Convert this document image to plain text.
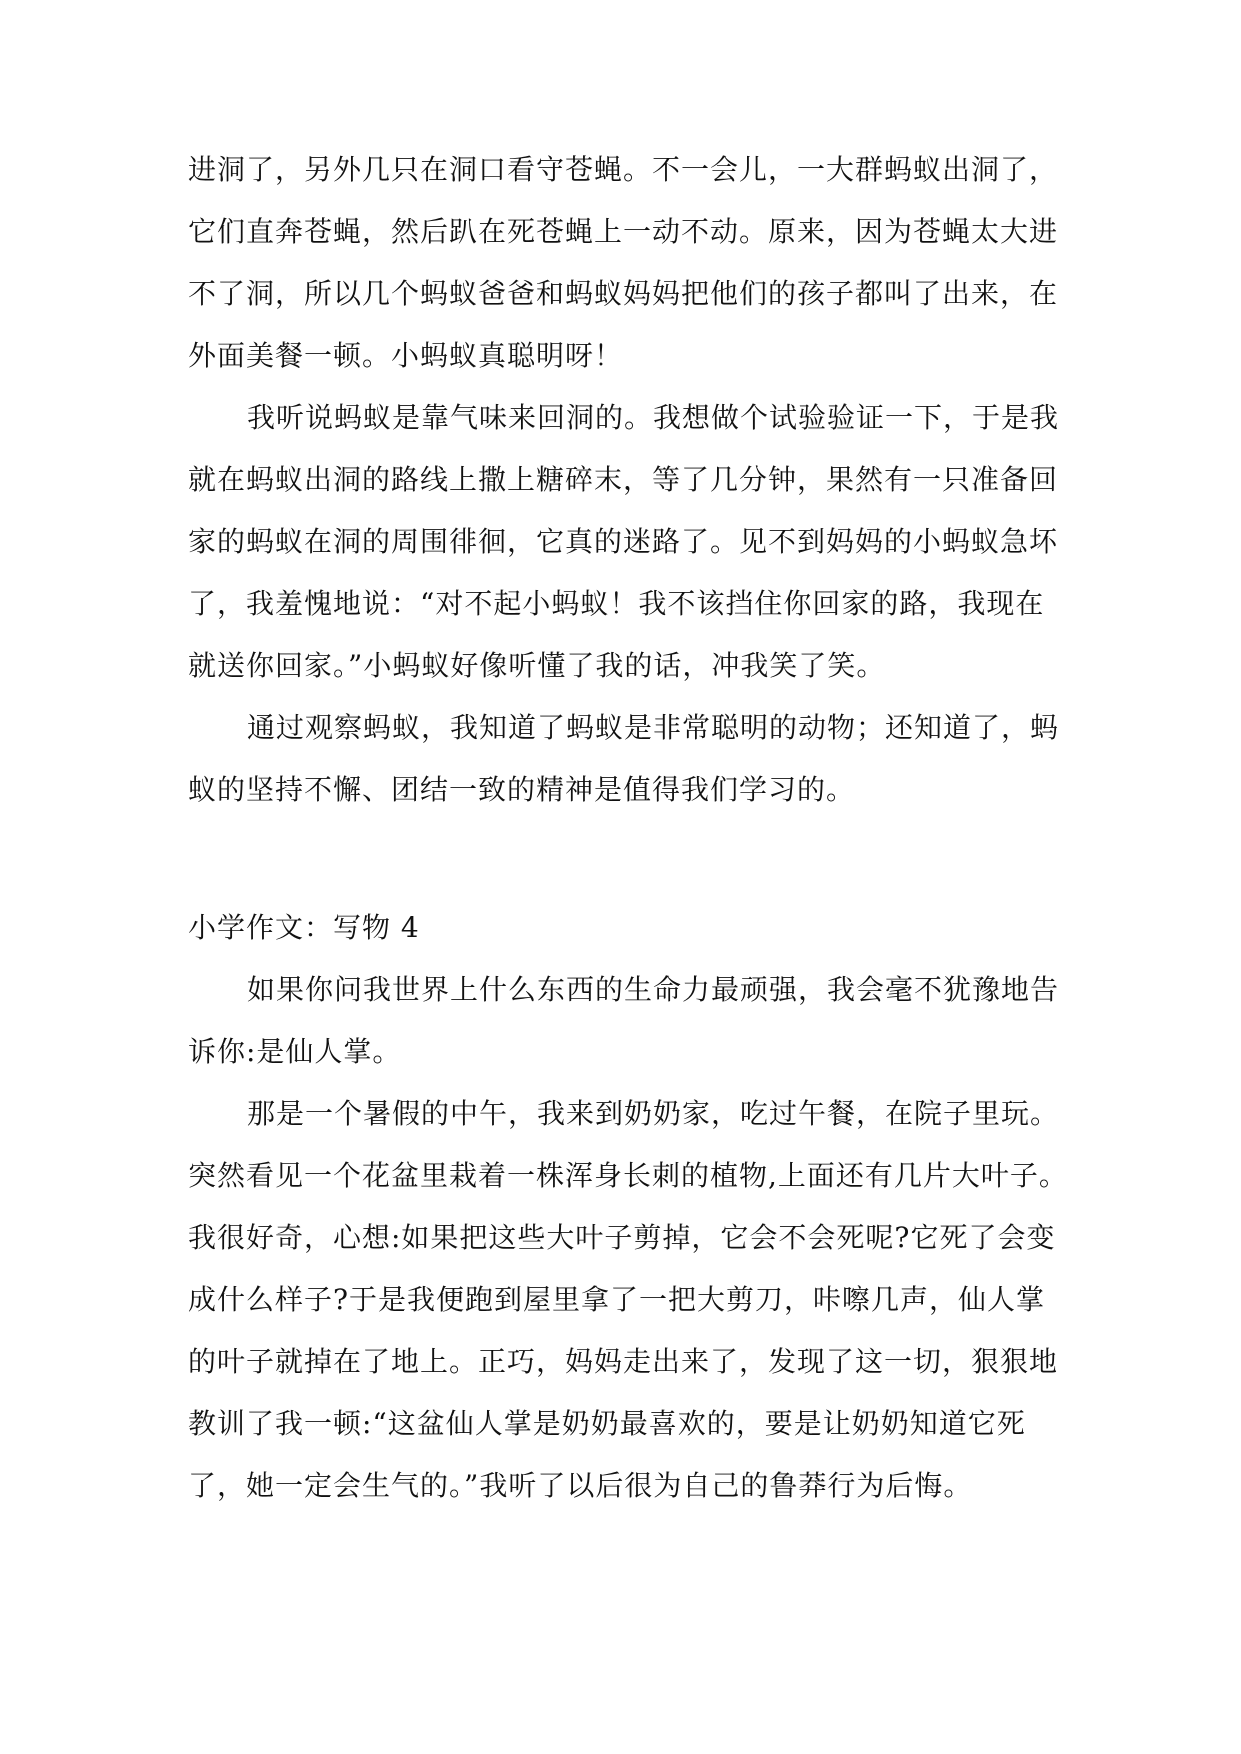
进洞了，另外几只在洞口看守苍蝇。不一会儿，一大群蚂蚁出洞了，
它们直奔苍蝇，然后趴在死苍蝇上一动不动。原来，因为苍蝇太大进
不了洞，所以几个蚂蚁爸爸和蚂蚁妈妈把他们的孩子都叫了出来，在
外面美餐一顿。小蚂蚁真聪明呀！
我听说蚂蚁是靠气味来回洞的。我想做个试验验证一下，于是我
就在蚂蚁出洞的路线上撒上糖碎末，等了几分钟，果然有一只准备回
家的蚂蚁在洞的周围徘徊，它真的迷路了。见不到妈妈的小蚂蚁急坏
了，我羞愧地说：“对不起小蚂蚁！我不该挡住你回家的路，我现在
就送你回家。”小蚂蚁好像听懂了我的话，冲我笑了笑。
通过观察蚂蚁，我知道了蚂蚁是非常聪明的动物；还知道了，蚂
蚁的坚持不懈、团结一致的精神是值得我们学习的。
小学作文：写物 4
如果你问我世界上什么东西的生命力最顽强，我会毫不犹豫地告
诉你:是仙人掌。
那是一个暑假的中午，我来到奶奶家，吃过午餐，在院子里玩。
突然看见一个花盆里栽着一株浑身长刺的植物,上面还有几片大叶子。
我很好奇，心想:如果把这些大叶子剪掉，它会不会死呢?它死了会变
成什么样子?于是我便跑到屋里拿了一把大剪刀，咔嚓几声，仙人掌
的叶子就掉在了地上。正巧，妈妈走出来了，发现了这一切，狠狠地
教训了我一顿:“这盆仙人掌是奶奶最喜欢的，要是让奶奶知道它死
了，她一定会生气的。”我听了以后很为自己的鲁莽行为后悔。
